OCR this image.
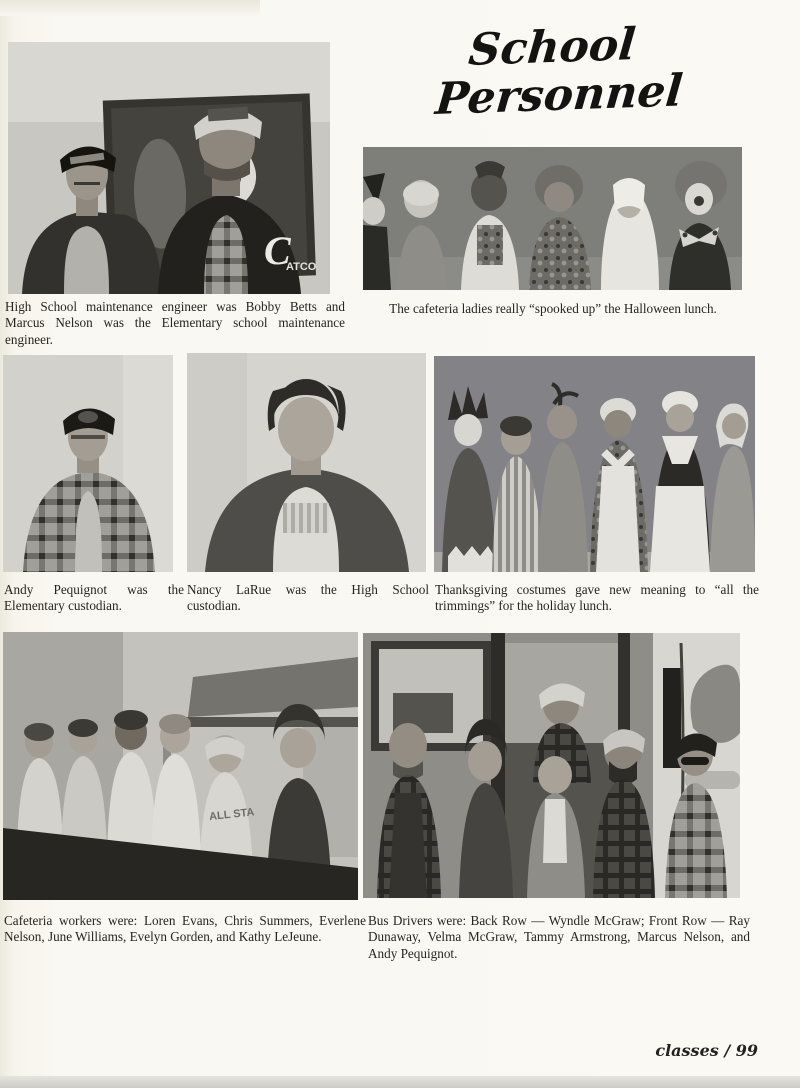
School
Personnel
C
ATCO

High School maintenance engineer was Bobby Betts and Marcus Nelson was the Elementary school maintenance engineer.

The cafeteria ladies really “spooked up” the Halloween lunch.

Andy Pequignot was the Elementary custodian.

Nancy LaRue was the High School custodian.

Thanksgiving costumes gave new meaning to “all the trimmings” for the holiday lunch.

ALL STA

Cafeteria workers were: Loren Evans, Chris Summers, Everlene Nelson, June Williams, Evelyn Gorden, and Kathy LeJeune.

Bus Drivers were: Back Row — Wyndle McGraw; Front Row — Ray Dunaway, Velma McGraw, Tammy Armstrong, Marcus Nelson, and Andy Pequignot.

classes / 99
